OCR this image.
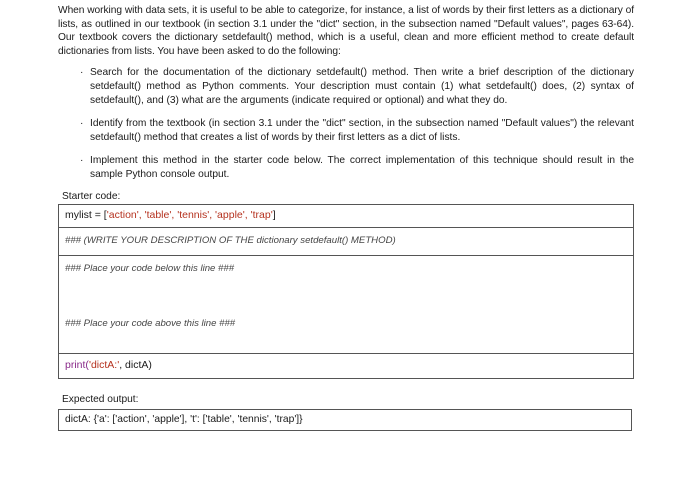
When working with data sets, it is useful to be able to categorize, for instance, a list of words by their first letters as a dictionary of lists, as outlined in our textbook (in section 3.1 under the "dict" section, in the subsection named "Default values", pages 63-64). Our textbook covers the dictionary setdefault() method, which is a useful, clean and more efficient method to create default dictionaries from lists. You have been asked to do the following:

· Search for the documentation of the dictionary setdefault() method. Then write a brief description of the dictionary setdefault() method as Python comments. Your description must contain (1) what setdefault() does, (2) syntax of setdefault(), and (3) what are the arguments (indicate required or optional) and what they do.
· Identify from the textbook (in section 3.1 under the "dict" section, in the subsection named "Default values") the relevant setdefault() method that creates a list of words by their first letters as a dict of lists.
· Implement this method in the starter code below. The correct implementation of this technique should result in the sample Python console output.
Starter code:
mylist = ['action', 'table', 'tennis', 'apple', 'trap']
### (WRITE YOUR DESCRIPTION OF THE dictionary setdefault() METHOD)
### Place your code below this line ###
### Place your code above this line ###
print('dictA:', dictA)
Expected output:
dictA: {'a': ['action', 'apple'], 't': ['table', 'tennis', 'trap']}
